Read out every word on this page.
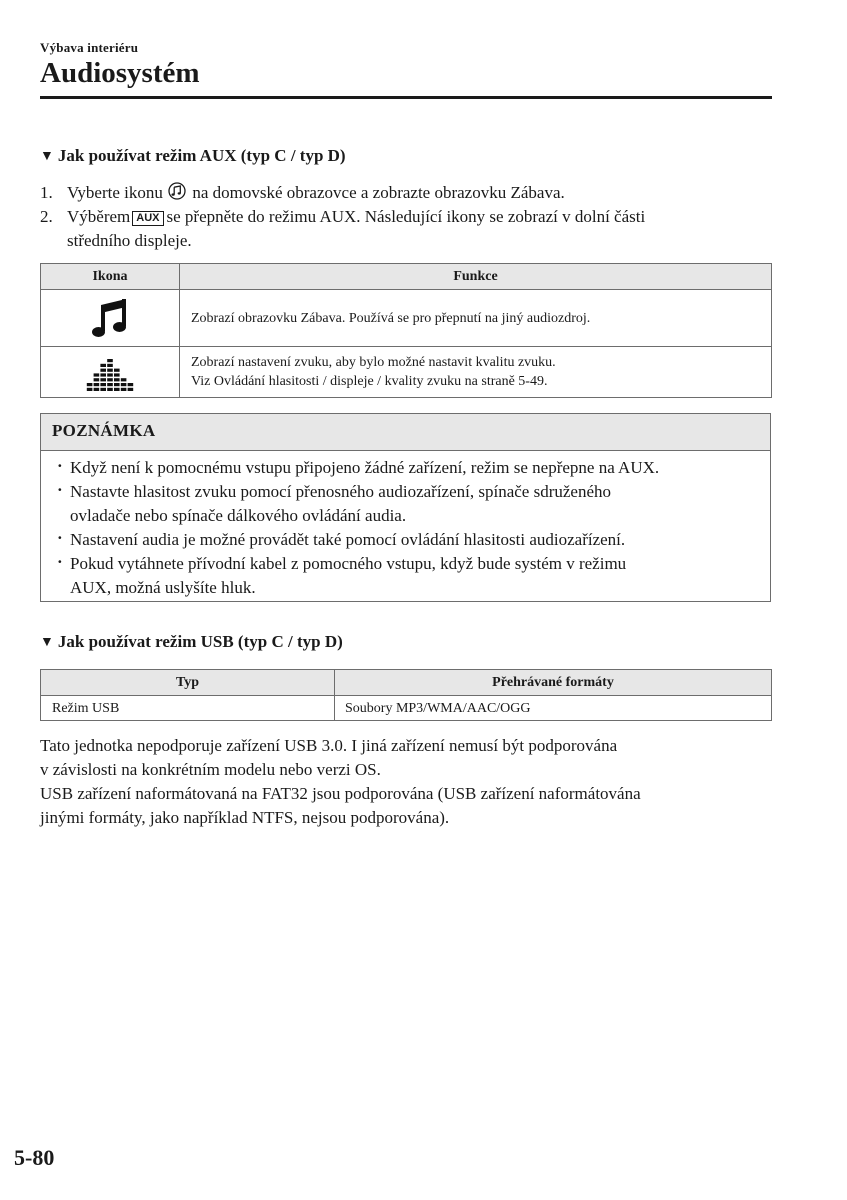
Výbava interiéru
Audiosystém
▼ Jak používat režim AUX (typ C / typ D)
1. Vyberte ikonu na domovské obrazovce a zobrazte obrazovku Zábava.
2. Výběrem AUX se přepněte do režimu AUX. Následující ikony se zobrazí v dolní části
středního displeje.
Ikona	Funkce

Zobrazí obrazovku Zábava. Používá se pro přepnutí na jiný audiozdroj.

Zobrazí nastavení zvuku, aby bylo možné nastavit kvalitu zvuku.
Viz Ovládání hlasitosti / displeje / kvality zvuku na straně 5-49.
POZNÁMKA
· Když není k pomocnému vstupu připojeno žádné zařízení, režim se nepřepne na AUX.
· Nastavte hlasitost zvuku pomocí přenosného audiozařízení, spínače sdruženého
ovladače nebo spínače dálkového ovládání audia.
· Nastavení audia je možné provádět také pomocí ovládání hlasitosti audiozařízení.
· Pokud vytáhnete přívodní kabel z pomocného vstupu, když bude systém v režimu
AUX, možná uslyšíte hluk.
▼ Jak používat režim USB (typ C / typ D)
Typ	Přehrávané formáty
Režim USB	Soubory MP3/WMA/AAC/OGG
Tato jednotka nepodporuje zařízení USB 3.0. I jiná zařízení nemusí být podporována
v závislosti na konkrétním modelu nebo verzi OS.
USB zařízení naformátovaná na FAT32 jsou podporována (USB zařízení naformátována
jinými formáty, jako například NTFS, nejsou podporována).
5-80
